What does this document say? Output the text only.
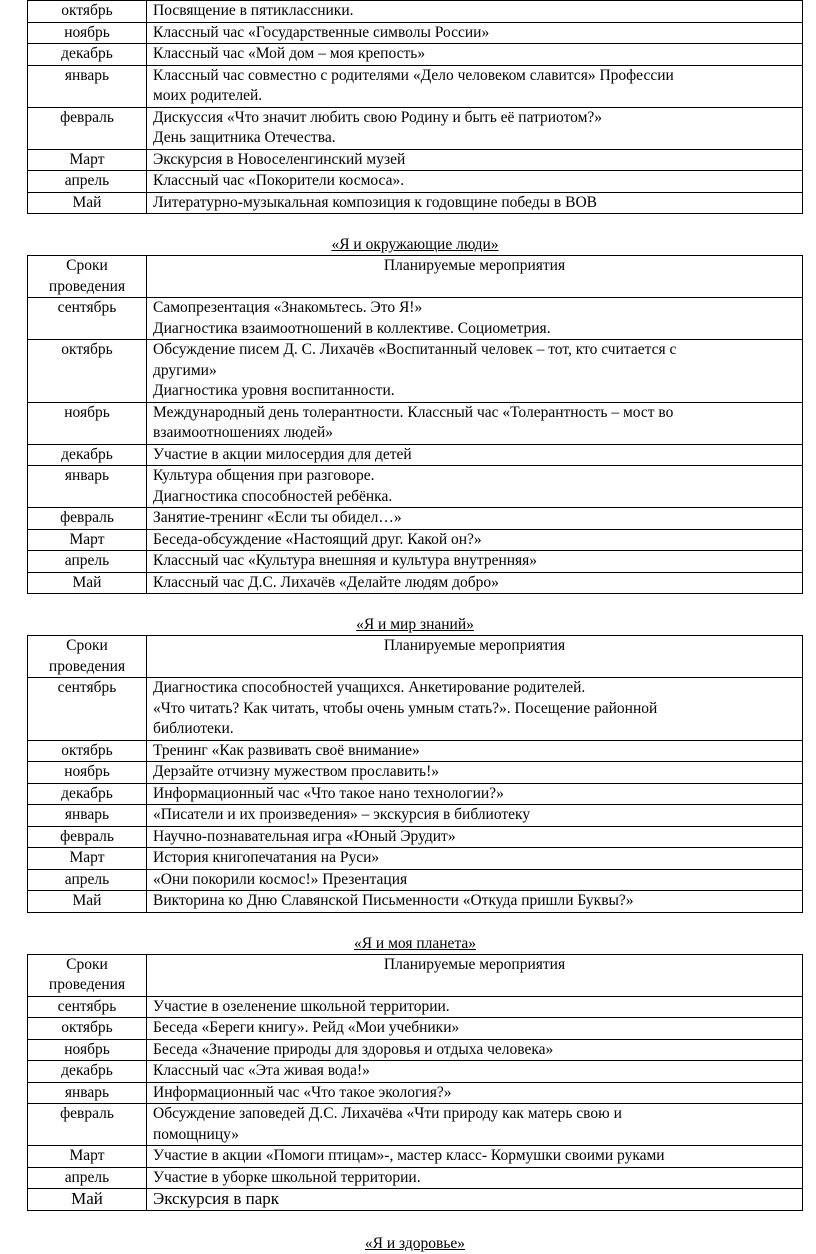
октябрь	Посвящение в пятиклассники.

ноябрь	Классный час «Государственные символы России»

декабрь	Классный час «Мой дом – моя крепость»

январь	Классный час совместно с родителями «Дело человеком славится» Профессии
моих родителей.

февраль	Дискуссия «Что значит любить свою Родину и быть её патриотом?»
День защитника Отечества.

Март	Экскурсия в Новоселенгинский музей

апрель	Классный час «Покорители космоса».

Май	Литературно-музыкальная композиция к годовщине победы в ВОВ
«Я и окружающие люди»
Сроки
проведения	Планируемые мероприятия
сентябрь	Самопрезентация «Знакомьтесь. Это Я!»
Диагностика взаимоотношений в коллективе. Социометрия.

октябрь	Обсуждение писем Д. С. Лихачёв «Воспитанный человек – тот, кто считается с
другими»
Диагностика уровня воспитанности.

ноябрь	Международный день толерантности. Классный час «Толерантность – мост во
взаимоотношениях людей»

декабрь	Участие в акции милосердия для детей

январь	Культура общения при разговоре.
Диагностика способностей ребёнка.

февраль	Занятие-тренинг «Если ты обидел…»

Март	Беседа-обсуждение «Настоящий друг. Какой он?»

апрель	Классный час «Культура внешняя и культура внутренняя»

Май	Классный час Д.С. Лихачёв «Делайте людям добро»
«Я и мир знаний»
Сроки
проведения	Планируемые мероприятия
сентябрь	Диагностика способностей учащихся. Анкетирование родителей.
«Что читать? Как читать, чтобы очень умным стать?». Посещение районной
библиотеки.

октябрь	Тренинг «Как развивать своё внимание»

ноябрь	Дерзайте отчизну мужеством прославить!»

декабрь	Информационный час «Что такое нано технологии?»

январь	«Писатели и их произведения» – экскурсия в библиотеку

февраль	Научно-познавательная игра «Юный Эрудит»

Март	История книгопечатания на Руси»

апрель	«Они покорили космос!» Презентация

Май	Викторина ко Дню Славянской Письменности «Откуда пришли Буквы?»
«Я и моя планета»
Сроки
проведения	Планируемые мероприятия
сентябрь	Участие в озеленение школьной территории.

октябрь	Беседа «Береги книгу». Рейд «Мои учебники»

ноябрь	Беседа «Значение природы для здоровья и отдыха человека»

декабрь	Классный час «Эта живая вода!»

январь	Информационный час «Что такое экология?»

февраль	Обсуждение заповедей Д.С. Лихачёва «Чти природу как матерь свою и
помощницу»

Март	Участие в акции «Помоги птицам»-, мастер класс- Кормушки своими руками

апрель	Участие в уборке школьной территории.

Май	Экскурсия в парк
«Я и здоровье»
